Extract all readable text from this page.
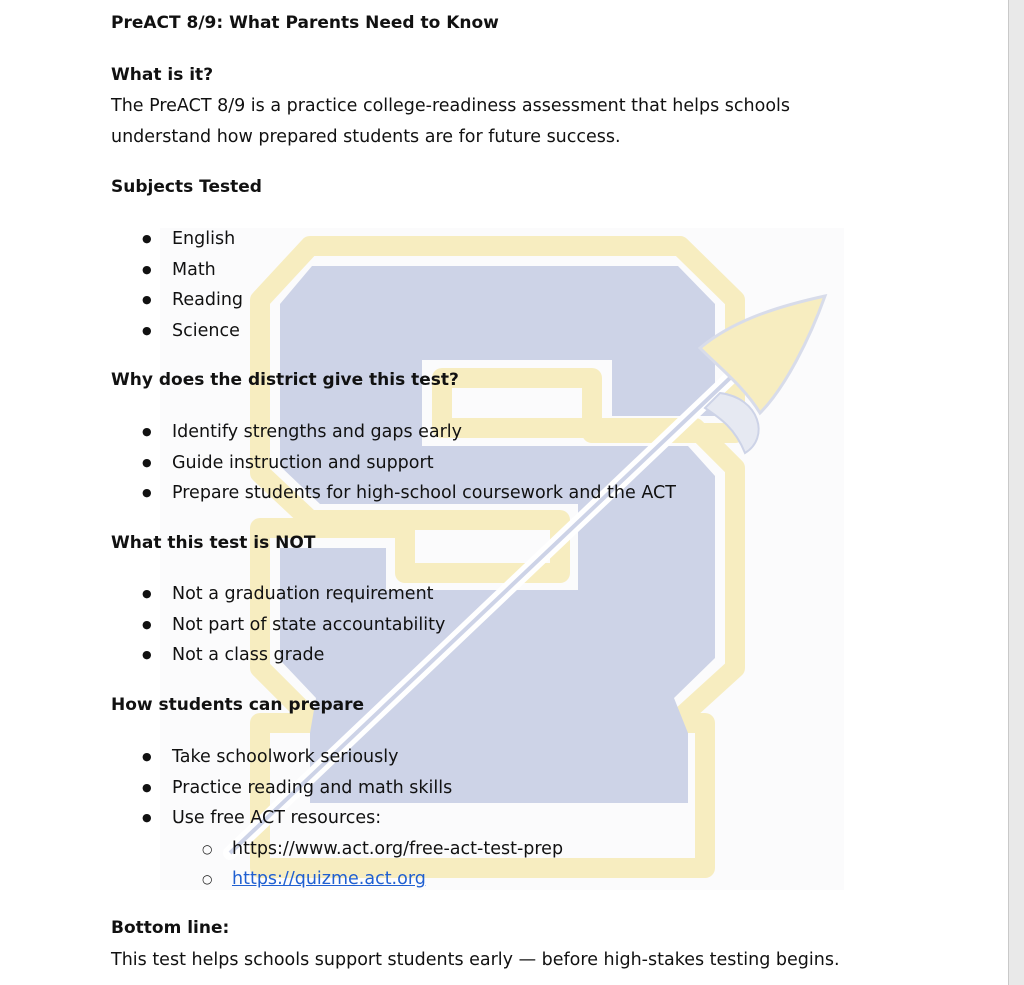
PreACT 8/9: What Parents Need to Know
What is it?
The PreACT 8/9 is a practice college-readiness assessment that helps schools
understand how prepared students are for future success.
Subjects Tested
● English
● Math
● Reading
● Science
Why does the district give this test?
● Identify strengths and gaps early
● Guide instruction and support
● Prepare students for high-school coursework and the ACT
What this test is NOT
● Not a graduation requirement
● Not part of state accountability
● Not a class grade
How students can prepare
● Take schoolwork seriously
● Practice reading and math skills
● Use free ACT resources:
○ https://www.act.org/free-act-test-prep
○ https://quizme.act.org
Bottom line:
This test helps schools support students early — before high-stakes testing begins.
